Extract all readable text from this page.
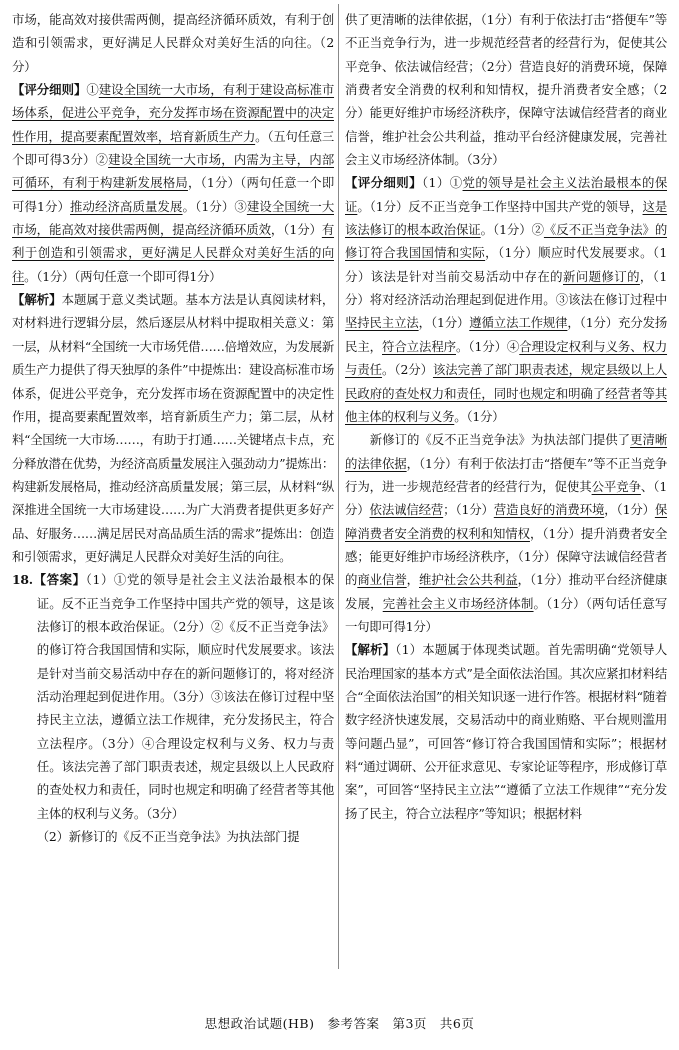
市场，能高效对接供需两侧，提高经济循环质效，有利于创造和引领需求，更好满足人民群众对美好生活的向往。（2分）

【评分细则】①建设全国统一大市场，有利于建设高标准市场体系，促进公平竞争，充分发挥市场在资源配置中的决定性作用，提高要素配置效率，培育新质生产力。（五句任意三个即可得3分）②建设全国统一大市场，内需为主导，内部可循环，有利于构建新发展格局，（1分）（两句任意一个即可得1分）推动经济高质量发展。（1分）③建设全国统一大市场，能高效对接供需两侧，提高经济循环质效，（1分）有利于创造和引领需求，更好满足人民群众对美好生活的向往。（1分）（两句任意一个即可得1分）

【解析】本题属于意义类试题。基本方法是认真阅读材料，对材料进行逻辑分层，然后逐层从材料中提取相关意义：第一层，从材料“全国统一大市场凭借……倍增效应，为发展新质生产力提供了得天独厚的条件”中提炼出：建设高标准市场体系，促进公平竞争，充分发挥市场在资源配置中的决定性作用，提高要素配置效率，培育新质生产力；第二层，从材料“全国统一大市场……，有助于打通……关键堵点卡点，充分释放潜在优势，为经济高质量发展注入强劲动力”提炼出：构建新发展格局，推动经济高质量发展；第三层，从材料“纵深推进全国统一大市场建设……为广大消费者提供更多好产品、好服务……满足居民对高品质生活的需求”提炼出：创造和引领需求，更好满足人民群众对美好生活的向往。

18.【答案】（1）①党的领导是社会主义法治最根本的保证。反不正当竞争工作坚持中国共产党的领导，这是该法修订的根本政治保证。（2分）②《反不正当竞争法》的修订符合我国国情和实际，顺应时代发展要求。该法是针对当前交易活动中存在的新问题修订的，将对经济活动治理起到促进作用。（3分）③该法在修订过程中坚持民主立法，遵循立法工作规律，充分发扬民主，符合立法程序。（3分）④合理设定权利与义务、权力与责任。该法完善了部门职责表述，规定县级以上人民政府的查处权力和责任，同时也规定和明确了经营者等其他主体的权利与义务。（3分）

（2）新修订的《反不正当竞争法》为执法部门提

供了更清晰的法律依据，（1分）有利于依法打击“搭便车”等不正当竞争行为，进一步规范经营者的经营行为，促使其公平竞争、依法诚信经营；（2分）营造良好的消费环境，保障消费者安全消费的权利和知情权，提升消费者安全感；（2分）能更好维护市场经济秩序，保障守法诚信经营者的商业信誉，维护社会公共利益，推动平台经济健康发展，完善社会主义市场经济体制。（3分）

【评分细则】（1）①党的领导是社会主义法治最根本的保证。（1分）反不正当竞争工作坚持中国共产党的领导，这是该法修订的根本政治保证。（1分）②《反不正当竞争法》的修订符合我国国情和实际，（1分）顺应时代发展要求。（1分）该法是针对当前交易活动中存在的新问题修订的，（1分）将对经济活动治理起到促进作用。③该法在修订过程中坚持民主立法，（1分）遵循立法工作规律，（1分）充分发扬民主，符合立法程序。（1分）④合理设定权利与义务、权力与责任。（2分）该法完善了部门职责表述，规定县级以上人民政府的查处权力和责任，同时也规定和明确了经营者等其他主体的权利与义务。（1分）

新修订的《反不正当竞争法》为执法部门提供了更清晰的法律依据，（1分）有利于依法打击“搭便车”等不正当竞争行为，进一步规范经营者的经营行为，促使其公平竞争、（1分）依法诚信经营；（1分）营造良好的消费环境，（1分）保障消费者安全消费的权利和知情权，（1分）提升消费者安全感；能更好维护市场经济秩序，（1分）保障守法诚信经营者的商业信誉，维护社会公共利益，（1分）推动平台经济健康发展，完善社会主义市场经济体制。（1分）（两句话任意写一句即可得1分）

【解析】（1）本题属于体现类试题。首先需明确“党领导人民治理国家的基本方式”是全面依法治国。其次应紧扣材料结合“全面依法治国”的相关知识逐一进行作答。根据材料“随着数字经济快速发展，交易活动中的商业贿赂、平台规则滥用等问题凸显”，可回答“修订符合我国国情和实际”；根据材料“通过调研、公开征求意见、专家论证等程序，形成修订草案”，可回答“坚持民主立法”“遵循了立法工作规律”“充分发扬了民主，符合立法程序”等知识；根据材料

思想政治试题(HB)　参考答案　第3页　共6页
